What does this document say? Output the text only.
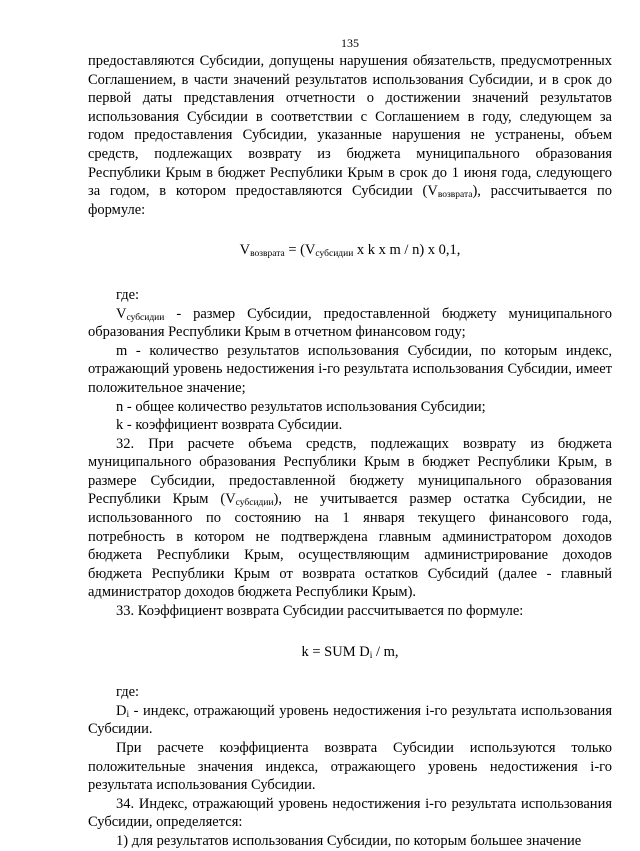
135

предоставляются Субсидии, допущены нарушения обязательств, предусмотренных Соглашением, в части значений результатов использования Субсидии, и в срок до первой даты представления отчетности о достижении значений результатов использования Субсидии в соответствии с Соглашением в году, следующем за годом предоставления Субсидии, указанные нарушения не устранены, объем средств, подлежащих возврату из бюджета муниципального образования Республики Крым в бюджет Республики Крым в срок до 1 июня года, следующего за годом, в котором предоставляются Субсидии $(V_{возврата})$, рассчитывается по формуле:

$V_{возврата} = (V_{субсидии}$ x k x m / n) x 0,1,

где:

$V_{субсидии}$ - размер Субсидии, предоставленной бюджету муниципального образования Республики Крым в отчетном финансовом году;

m - количество результатов использования Субсидии, по которым индекс, отражающий уровень недостижения i-го результата использования Субсидии, имеет положительное значение;

n - общее количество результатов использования Субсидии;

k - коэффициент возврата Субсидии.

32. При расчете объема средств, подлежащих возврату из бюджета муниципального образования Республики Крым в бюджет Республики Крым, в размере Субсидии, предоставленной бюджету муниципального образования Республики Крым $(V_{субсидии})$, не учитывается размер остатка Субсидии, не использованного по состоянию на 1 января текущего финансового года, потребность в котором не подтверждена главным администратором доходов бюджета Республики Крым, осуществляющим администрирование доходов бюджета Республики Крым от возврата остатков Субсидий (далее - главный администратор доходов бюджета Республики Крым).

33. Коэффициент возврата Субсидии рассчитывается по формуле:

k = SUM $D_i$ / m,

где:

$D_i$ - индекс, отражающий уровень недостижения i-го результата использования Субсидии.

При расчете коэффициента возврата Субсидии используются только положительные значения индекса, отражающего уровень недостижения i-го результата использования Субсидии.

34. Индекс, отражающий уровень недостижения i-го результата использования Субсидии, определяется:

1) для результатов использования Субсидии, по которым большее значение
